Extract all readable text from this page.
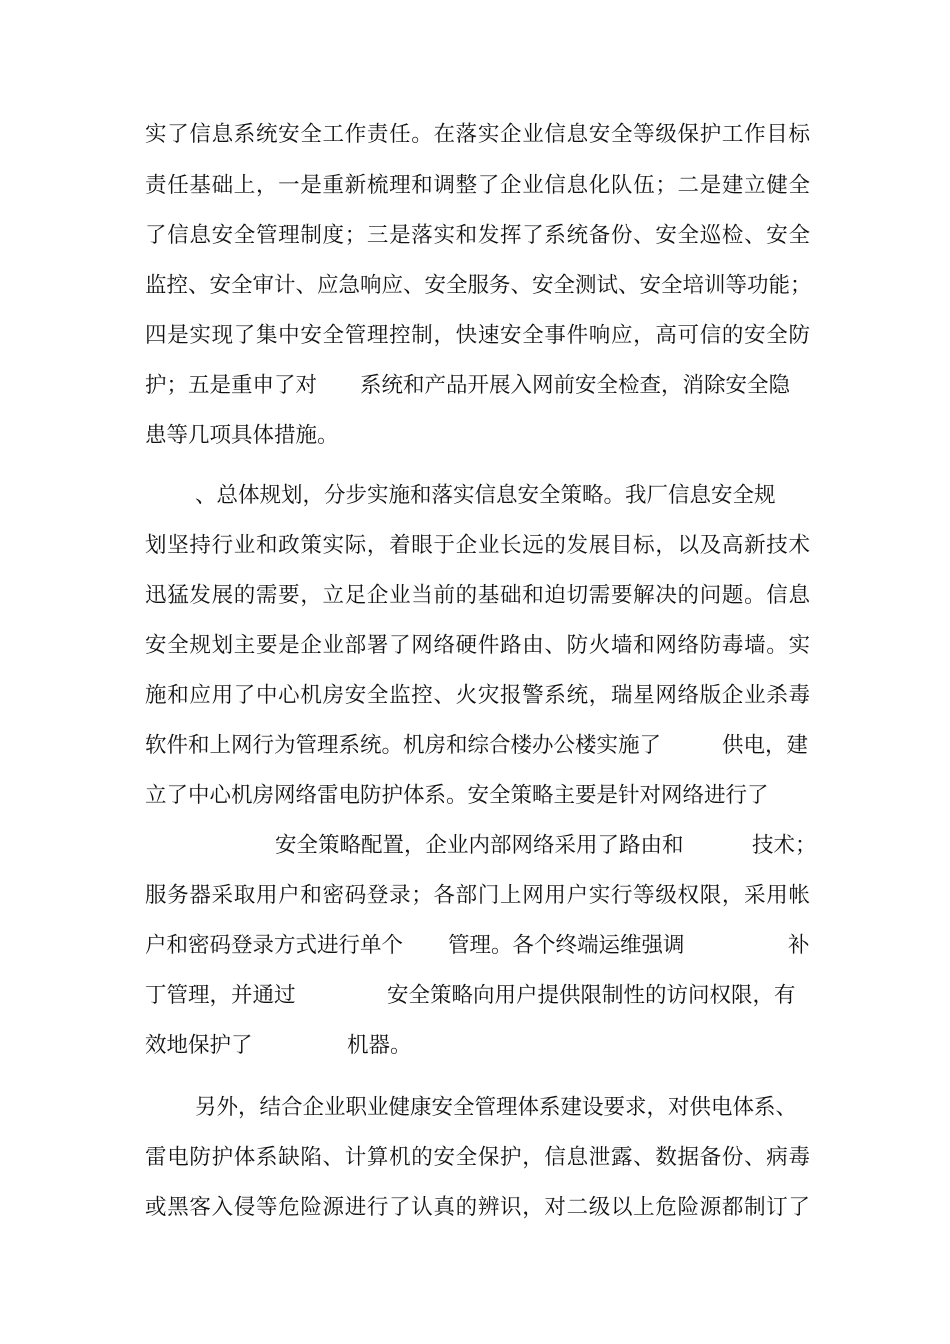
实了信息系统安全工作责任。在落实企业信息安全等级保护工作目标
责任基础上，一是重新梳理和调整了企业信息化队伍；二是建立健全
了信息安全管理制度；三是落实和发挥了系统备份、安全巡检、安全
监控、安全审计、应急响应、安全服务、安全测试、安全培训等功能；
四是实现了集中安全管理控制，快速安全事件响应，高可信的安全防
护；五是重申了对 系统和产品开展入网前安全检查，消除安全隐
患等几项具体措施。
、总体规划，分步实施和落实信息安全策略。我厂信息安全规
划坚持行业和政策实际，着眼于企业长远的发展目标，以及高新技术
迅猛发展的需要，立足企业当前的基础和迫切需要解决的问题。信息
安全规划主要是企业部署了网络硬件路由、防火墙和网络防毒墙。实
施和应用了中心机房安全监控、火灾报警系统，瑞星网络版企业杀毒
软件和上网行为管理系统。机房和综合楼办公楼实施了	供电，建
立了中心机房网络雷电防护体系。安全策略主要是针对网络进行了
安全策略配置，企业内部网络采用了路由和	技术；
服务器采取用户和密码登录；各部门上网用户实行等级权限，采用帐
户和密码登录方式进行单个 管理。各个终端运维强调	补
丁管理，并通过	安全策略向用户提供限制性的访问权限，有
效地保护了	机器。
另外，结合企业职业健康安全管理体系建设要求，对供电体系、
雷电防护体系缺陷、计算机的安全保护，信息泄露、数据备份、病毒
或黑客入侵等危险源进行了认真的辨识，对二级以上危险源都制订了
